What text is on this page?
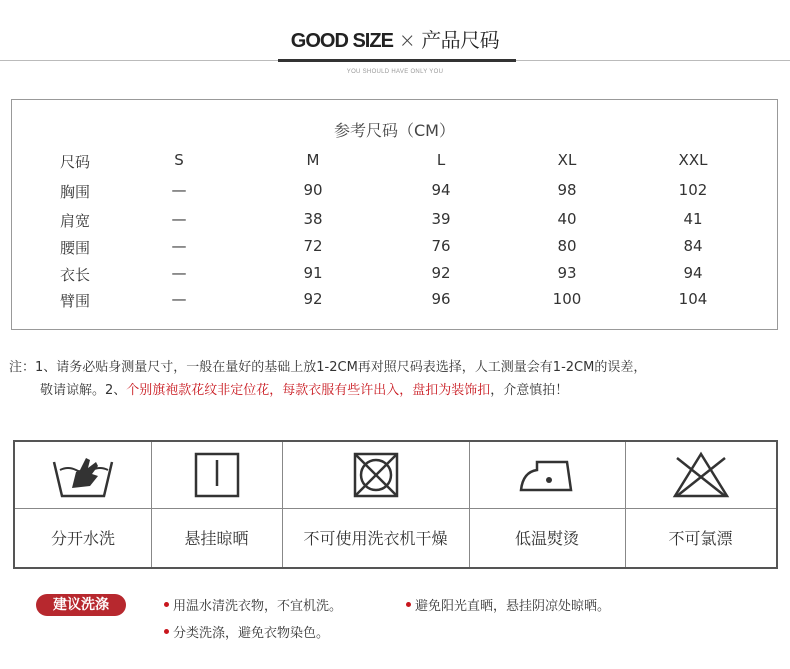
GOOD SIZE × 产品尺码
YOU SHOULD HAVE ONLY YOU
参考尺码（CM）
尺码	S	M	L	XL	XXL
胸围	—	90	94	98	102
肩宽	—	38	39	40	41
腰围	—	72	76	80	84
衣长	—	91	92	93	94
臂围	—	92	96	100	104
注：1、请务必贴身测量尺寸，一般在量好的基础上放1-2CM再对照尺码表选择，人工测量会有1-2CM的误差，
敬请谅解。2、个别旗袍款花纹非定位花，每款衣服有些许出入，盘扣为装饰扣，介意慎拍！
分开水洗	悬挂晾晒	不可使用洗衣机干燥	低温熨烫	不可氯漂
建议洗涤	用温水清洗衣物，不宜机洗。	避免阳光直晒，悬挂阴凉处晾晒。
分类洗涤，避免衣物染色。
